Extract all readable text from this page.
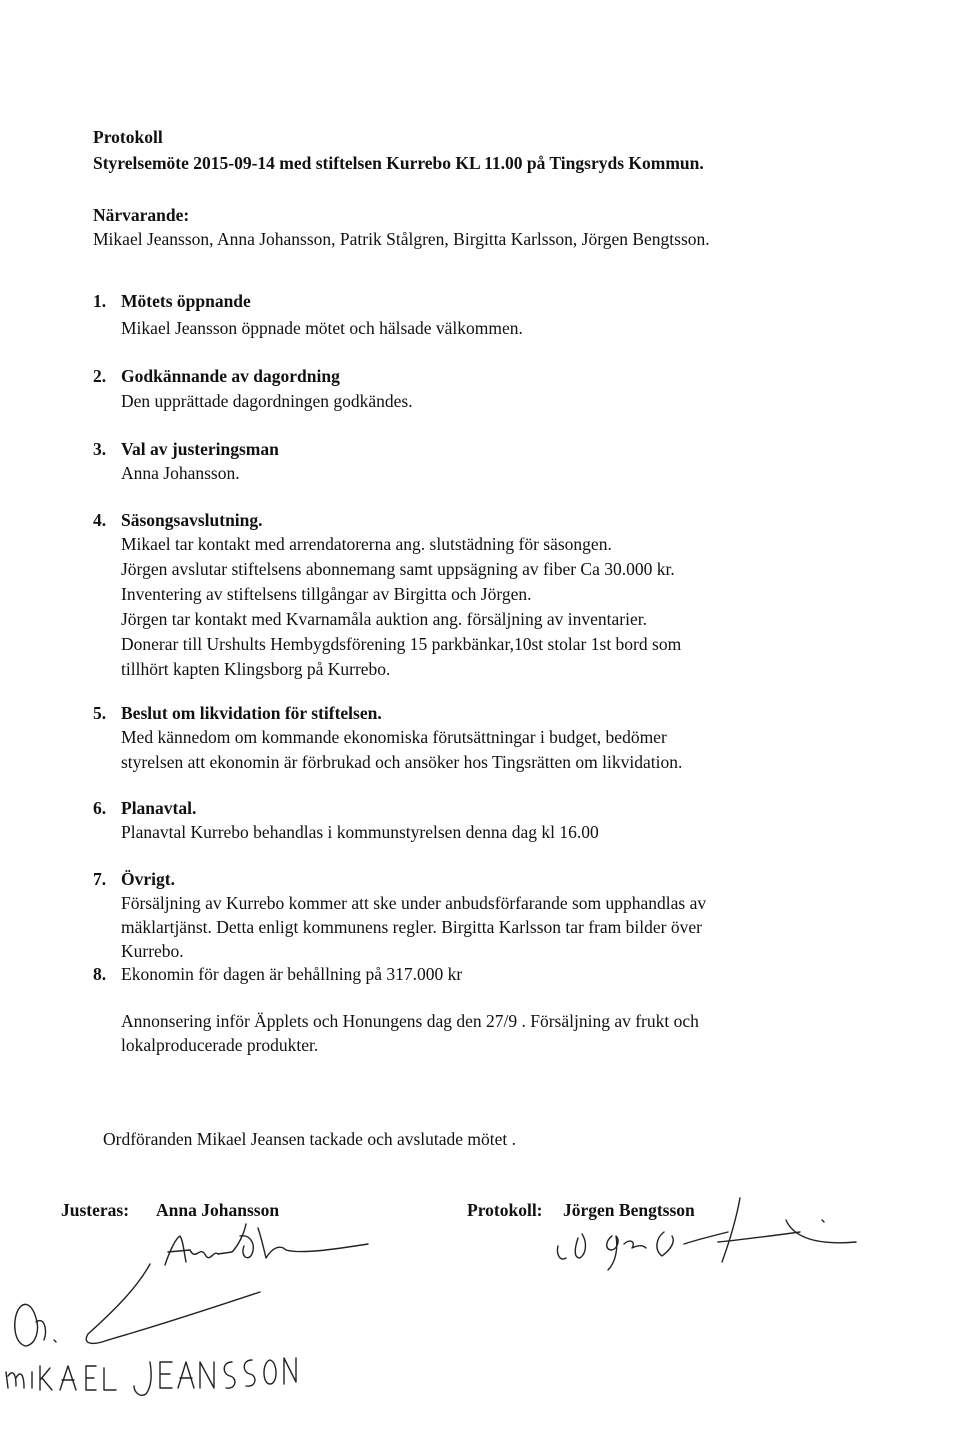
Protokoll

Styrelsemöte 2015-09-14 med stiftelsen Kurrebo KL 11.00 på Tingsryds Kommun.

Närvarande:

Mikael Jeansson, Anna Johansson, Patrik Stålgren, Birgitta Karlsson, Jörgen Bengtsson.

1. Mötets öppnande

Mikael Jeansson öppnade mötet och hälsade välkommen.

2. Godkännande av dagordning

Den upprättade dagordningen godkändes.

3. Val av justeringsman

Anna Johansson.

4. Säsongsavslutning.

Mikael tar kontakt med arrendatorerna ang. slutstädning för säsongen.

Jörgen avslutar stiftelsens abonnemang samt uppsägning av fiber Ca 30.000 kr.

Inventering av stiftelsens tillgångar av Birgitta och Jörgen.

Jörgen tar kontakt med Kvarnamåla auktion ang. försäljning av inventarier.

Donerar till Urshults Hembygdsförening 15 parkbänkar,10st stolar 1st bord som

tillhört kapten Klingsborg på Kurrebo.

5. Beslut om likvidation för stiftelsen.

Med kännedom om kommande ekonomiska förutsättningar i budget, bedömer

styrelsen att ekonomin är förbrukad och ansöker hos Tingsrätten om likvidation.

6. Planavtal.

Planavtal Kurrebo behandlas i kommunstyrelsen denna dag kl 16.00

7. Övrigt.

Försäljning av Kurrebo kommer att ske under anbudsförfarande som upphandlas av

mäklartjänst. Detta enligt kommunens regler. Birgitta Karlsson tar fram bilder över

Kurrebo.

8. Ekonomin för dagen är behållning på 317.000 kr

Annonsering inför Äpplets och Honungens dag den 27/9 . Försäljning av frukt och

lokalproducerade produkter.

Ordföranden Mikael Jeansen tackade och avslutade mötet .

Justeras: Anna Johansson	Protokoll: Jörgen Bengtsson
